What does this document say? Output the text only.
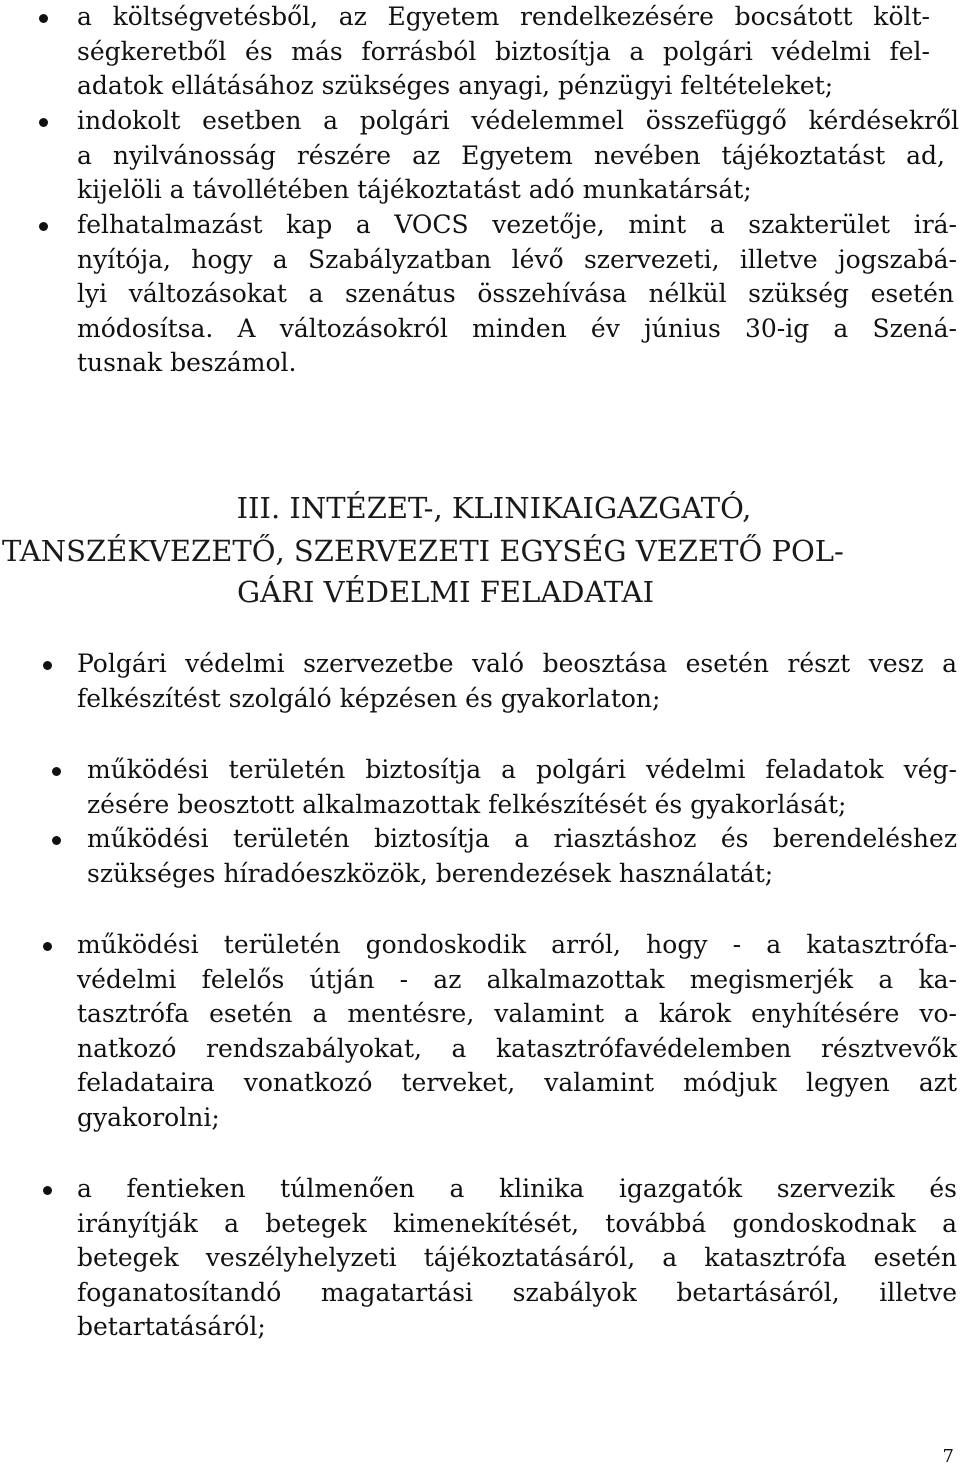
a költségvetésből, az Egyetem rendelkezésére bocsátott költ-
ségkeretből és más forrásból biztosítja a polgári védelmi fel-
adatok ellátásához szükséges anyagi, pénzügyi feltételeket;
indokolt esetben a polgári védelemmel összefüggő kérdésekről
a nyilvánosság részére az Egyetem nevében tájékoztatást ad,
kijelöli a távollétében tájékoztatást adó munkatársát;
felhatalmazást kap a VOCS vezetője, mint a szakterület irá-
nyítója, hogy a Szabályzatban lévő szervezeti, illetve jogszabá-
lyi változásokat a szenátus összehívása nélkül szükség esetén
módosítsa. A változásokról minden év június 30-ig a Szená-
tusnak beszámol.
III. INTÉZET-, KLINIKAIGAZGATÓ,
TANSZÉKVEZETŐ, SZERVEZETI EGYSÉG VEZETŐ POL-
GÁRI VÉDELMI FELADATAI
Polgári védelmi szervezetbe való beosztása esetén részt vesz a
felkészítést szolgáló képzésen és gyakorlaton;
működési területén biztosítja a polgári védelmi feladatok vég-
zésére beosztott alkalmazottak felkészítését és gyakorlását;
működési területén biztosítja a riasztáshoz és berendeléshez
szükséges híradóeszközök, berendezések használatát;
működési területén gondoskodik arról, hogy - a katasztrófa-
védelmi felelős útján - az alkalmazottak megismerjék a ka-
tasztrófa esetén a mentésre, valamint a károk enyhítésére vo-
natkozó rendszabályokat, a katasztrófavédelemben résztvevők
feladataira vonatkozó terveket, valamint módjuk legyen azt
gyakorolni;
a fentieken túlmenően a klinika igazgatók szervezik és
irányítják a betegek kimenekítését, továbbá gondoskodnak a
betegek veszélyhelyzeti tájékoztatásáról, a katasztrófa esetén
foganatosítandó magatartási szabályok betartásáról, illetve
betartatásáról;
7
